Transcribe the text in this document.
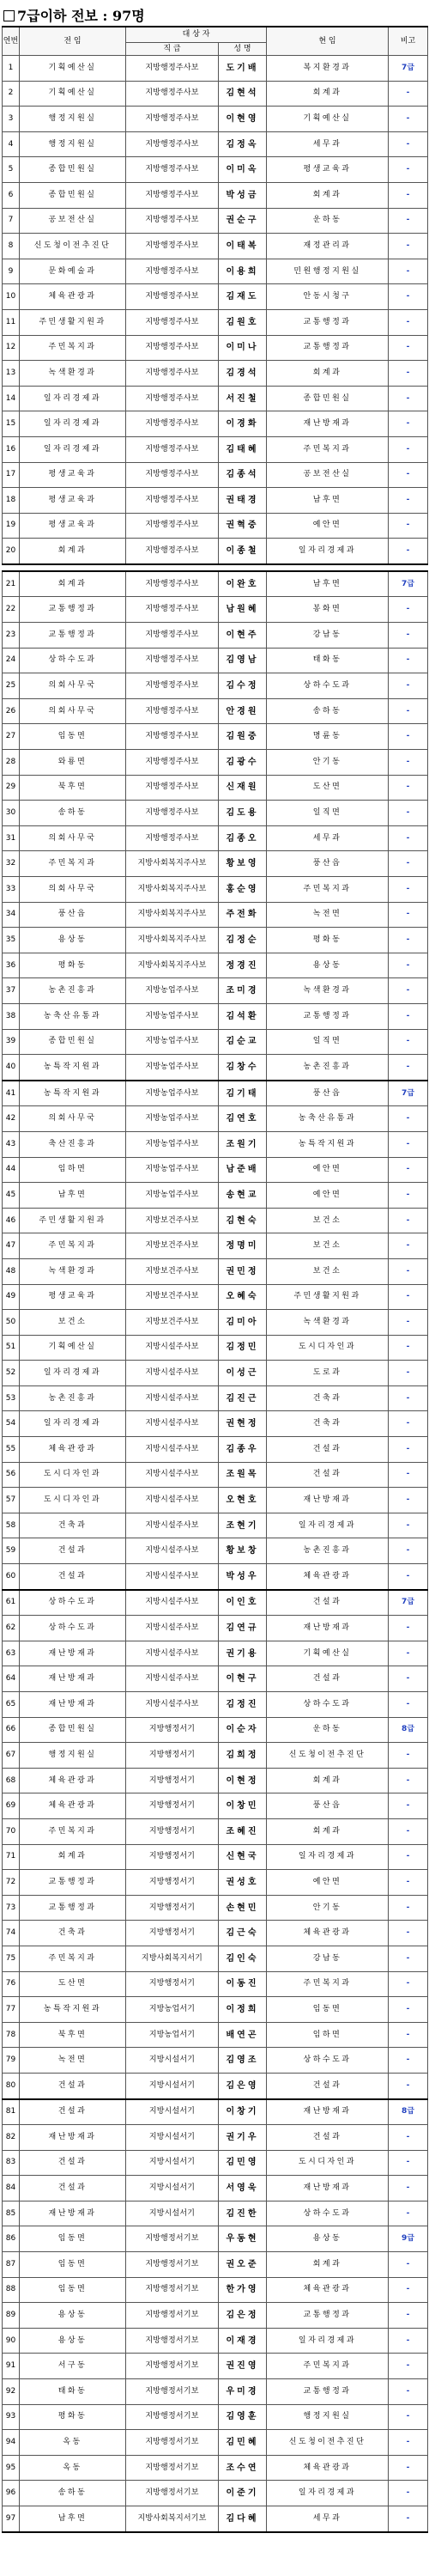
7급이하 전보 : 97명
연번	전 임	대 상 자		현 임	비고
		직 급	성 명		
1	기획예산실	지방행정주사보	도기배	복지환경과	7급
2	기획예산실	지방행정주사보	김현석	회계과	-
3	행정지원실	지방행정주사보	이현영	기획예산실	-
4	행정지원실	지방행정주사보	김정옥	세무과	-
5	종합민원실	지방행정주사보	이미옥	평생교육과	-
6	종합민원실	지방행정주사보	박성금	회계과	-
7	공보전산실	지방행정주사보	권순구	운하동	-
8	신도청이전추진단	지방행정주사보	이태복	재정관리과	-
9	문화예술과	지방행정주사보	이용희	민원행정지원실	-
10	체육관광과	지방행정주사보	김재도	안동시청구	-
11	주민생활지원과	지방행정주사보	김원호	교통행정과	-
12	주민복지과	지방행정주사보	이미나	교통행정과	-
13	녹색환경과	지방행정주사보	김경석	회계과	-
14	일자리경제과	지방행정주사보	서진철	종합민원실	-
15	일자리경제과	지방행정주사보	이경화	재난방재과	-
16	일자리경제과	지방행정주사보	김태혜	주민복지과	-
17	평생교육과	지방행정주사보	김종석	공보전산실	-
18	평생교육과	지방행정주사보	권태경	남후면	-
19	평생교육과	지방행정주사보	권혁중	예안면	-
20	회계과	지방행정주사보	이종철	일자리경제과	-
21	회계과	지방행정주사보	이완호	남후면	7급
22	교통행정과	지방행정주사보	남원혜	봉화면	-
23	교통행정과	지방행정주사보	이현주	강남동	-
24	상하수도과	지방행정주사보	김영남	태화동	-
25	의회사무국	지방행정주사보	김수정	상하수도과	-
26	의회사무국	지방행정주사보	안경원	송하동	-
27	임동면	지방행정주사보	김원중	명륜동	-
28	와룡면	지방행정주사보	김광수	안기동	-
29	북후면	지방행정주사보	신재원	도산면	-
30	송하동	지방행정주사보	김도용	일직면	-
31	의회사무국	지방행정주사보	김종오	세무과	-
32	주민복지과	지방사회복지주사보	황보영	풍산읍	-
33	의회사무국	지방사회복지주사보	홍순영	주민복지과	-
34	풍산읍	지방사회복지주사보	주전화	녹전면	-
35	용상동	지방사회복지주사보	김정순	평화동	-
36	평화동	지방사회복지주사보	정경진	용상동	-
37	농촌진흥과	지방농업주사보	조미경	녹색환경과	-
38	농축산유통과	지방농업주사보	김석환	교통행정과	-
39	종합민원실	지방농업주사보	김순교	일직면	-
40	농특작지원과	지방농업주사보	김창수	농촌진흥과	-
41	농특작지원과	지방농업주사보	김기태	풍산읍	7급
42	의회사무국	지방농업주사보	김연호	농축산유통과	-
43	축산진흥과	지방농업주사보	조원기	농특작지원과	-
44	임하면	지방농업주사보	남준배	예안면	-
45	남후면	지방농업주사보	송현교	예안면	-
46	주민생활지원과	지방보건주사보	김현숙	보건소	-
47	주민복지과	지방보건주사보	정명미	보건소	-
48	녹색환경과	지방보건주사보	권민정	보건소	-
49	평생교육과	지방보건주사보	오혜숙	주민생활지원과	-
50	보건소	지방보건주사보	김미아	녹색환경과	-
51	기획예산실	지방시설주사보	김정민	도시디자인과	-
52	일자리경제과	지방시설주사보	이성근	도로과	-
53	농촌진흥과	지방시설주사보	김진근	건축과	-
54	일자리경제과	지방시설주사보	권현정	건축과	-
55	체육관광과	지방시설주사보	김종우	건설과	-
56	도시디자인과	지방시설주사보	조원목	건설과	-
57	도시디자인과	지방시설주사보	오현호	재난방재과	-
58	건축과	지방시설주사보	조현기	일자리경제과	-
59	건설과	지방시설주사보	황보창	농촌진흥과	-
60	건설과	지방시설주사보	박성우	체육관광과	-
61	상하수도과	지방시설주사보	이인호	건설과	7급
62	상하수도과	지방시설주사보	김연규	재난방재과	-
63	재난방재과	지방시설주사보	권기용	기획예산실	-
64	재난방재과	지방시설주사보	이현구	건설과	-
65	재난방재과	지방시설주사보	김정진	상하수도과	-
66	종합민원실	지방행정서기	이순자	운하동	8급
67	행정지원실	지방행정서기	김희정	신도청이전추진단	-
68	체육관광과	지방행정서기	이현정	회계과	-
69	체육관광과	지방행정서기	이창민	풍산읍	-
70	주민복지과	지방행정서기	조혜진	회계과	-
71	회계과	지방행정서기	신현국	일자리경제과	-
72	교통행정과	지방행정서기	권성호	예안면	-
73	교통행정과	지방행정서기	손현민	안기동	-
74	건축과	지방행정서기	김근숙	체육관광과	-
75	주민복지과	지방사회복지서기	김인숙	강남동	-
76	도산면	지방행정서기	이동진	주민복지과	-
77	농특작지원과	지방농업서기	이정희	임동면	-
78	북후면	지방농업서기	배연곤	임하면	-
79	녹전면	지방시설서기	김영조	상하수도과	-
80	건설과	지방시설서기	김은영	건설과	-
81	건설과	지방시설서기	이창기	재난방재과	8급
82	재난방재과	지방시설서기	권기우	건설과	-
83	건설과	지방시설서기	김민영	도시디자인과	-
84	건설과	지방시설서기	서영욱	재난방재과	-
85	재난방재과	지방시설서기	김진한	상하수도과	-
86	임동면	지방행정서기보	우동현	용상동	9급
87	임동면	지방행정서기보	권오준	회계과	-
88	임동면	지방행정서기보	한가영	체육관광과	-
89	용상동	지방행정서기보	김은정	교통행정과	-
90	용상동	지방행정서기보	이재경	일자리경제과	-
91	서구동	지방행정서기보	권진영	주민복지과	-
92	태화동	지방행정서기보	우미경	교통행정과	-
93	평화동	지방행정서기보	김영훈	행정지원실	-
94	옥동	지방행정서기보	김민혜	신도청이전추진단	-
95	옥동	지방행정서기보	조수연	체육관광과	-
96	송하동	지방행정서기보	이준기	일자리경제과	-
97	남후면	지방사회복지서기보	김다혜	세무과	-
